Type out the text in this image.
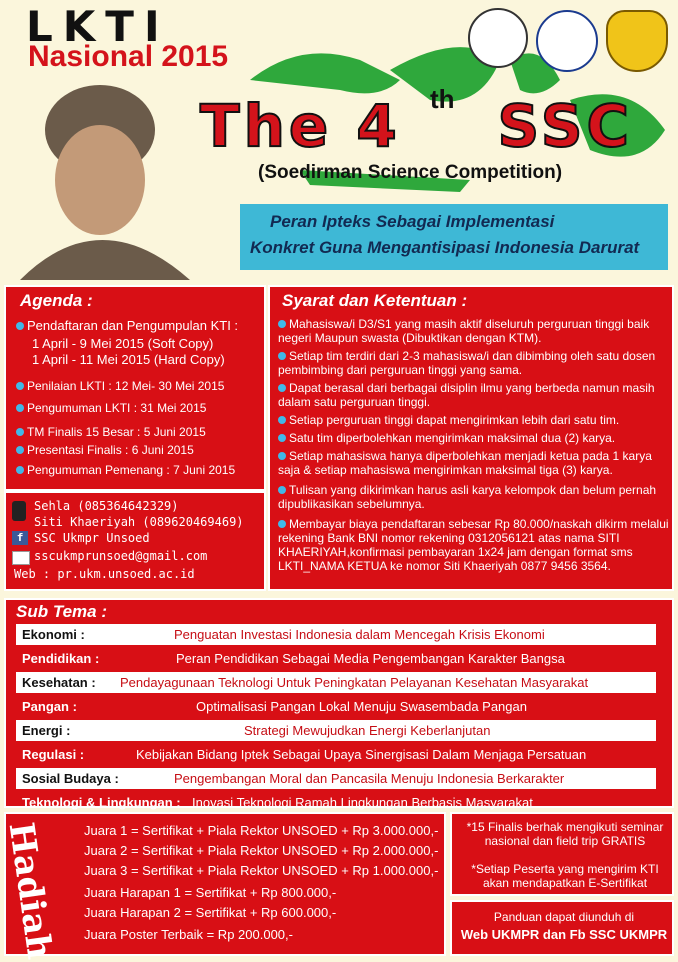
LKTI
Nasional 2015
The 4 SSC
th
(Soedirman Science Competition)
Peran Ipteks Sebagai Implementasi
Konkret Guna Mengantisipasi Indonesia Darurat
Agenda :
Pendaftaran dan Pengumpulan KTI :
1 April - 9 Mei 2015 (Soft Copy)
1 April - 11 Mei 2015 (Hard Copy)
Penilaian LKTI : 12 Mei- 30 Mei 2015
Pengumuman LKTI : 31 Mei 2015
TM Finalis 15 Besar : 5 Juni 2015
Presentasi Finalis : 6 Juni 2015
Pengumuman Pemenang : 7 Juni 2015
Sehla (085364642329)
Siti Khaeriyah (089620469469)
f SSC Ukmpr Unsoed
sscukmprunsoed@gmail.com
Web : pr.ukm.unsoed.ac.id
Syarat dan Ketentuan :
Mahasiswa/i D3/S1 yang masih aktif diseluruh perguruan tinggi baik negeri Maupun swasta (Dibuktikan dengan KTM).
Setiap tim terdiri dari 2-3 mahasiswa/i dan dibimbing oleh satu dosen pembimbing dari perguruan tinggi yang sama.
Dapat berasal dari berbagai disiplin ilmu yang berbeda namun masih dalam satu perguruan tinggi.
Setiap perguruan tinggi dapat mengirimkan lebih dari satu tim.
Satu tim diperbolehkan mengirimkan maksimal dua (2) karya.
Setiap mahasiswa hanya diperbolehkan menjadi ketua pada 1 karya saja & setiap mahasiswa mengirimkan maksimal tiga (3) karya.
Tulisan yang dikirimkan harus asli karya kelompok dan belum pernah dipublikasikan sebelumnya.
Membayar biaya pendaftaran sebesar Rp 80.000/naskah dikirm melalui rekening Bank BNI nomor rekening 0312056121 atas nama SITI KHAERIYAH,konfirmasi pembayaran 1x24 jam dengan format sms LKTI_NAMA KETUA ke nomor Siti Khaeriyah 0877 9456 3564.
Sub Tema :
Ekonomi :	Penguatan Investasi Indonesia dalam Mencegah Krisis Ekonomi
Pendidikan :	Peran Pendidikan Sebagai Media Pengembangan Karakter Bangsa
Kesehatan : Pendayagunaan Teknologi Untuk Peningkatan Pelayanan Kesehatan Masyarakat
Pangan :	Optimalisasi Pangan Lokal Menuju Swasembada Pangan
Energi :	Strategi Mewujudkan Energi Keberlanjutan
Regulasi :	Kebijakan Bidang Iptek Sebagai Upaya Sinergisasi Dalam Menjaga Persatuan
Sosial Budaya :	Pengembangan Moral dan Pancasila Menuju Indonesia Berkarakter
Teknologi & Lingkungan : Inovasi Teknologi Ramah Lingkungan Berbasis Masyarakat
Hadiah Juara 1 = Sertifikat + Piala Rektor UNSOED + Rp 3.000.000,-
Juara 2 = Sertifikat + Piala Rektor UNSOED + Rp 2.000.000,-
Juara 3 = Sertifikat + Piala Rektor UNSOED + Rp 1.000.000,-
Juara Harapan 1 = Sertifikat + Rp 800.000,-
Juara Harapan 2 = Sertifikat + Rp 600.000,-
Juara Poster Terbaik = Rp 200.000,-
*15 Finalis berhak mengikuti seminar nasional dan field trip GRATIS
*Setiap Peserta yang mengirim KTI akan mendapatkan E-Sertifikat
Panduan dapat diunduh di
Web UKMPR dan Fb SSC UKMPR
